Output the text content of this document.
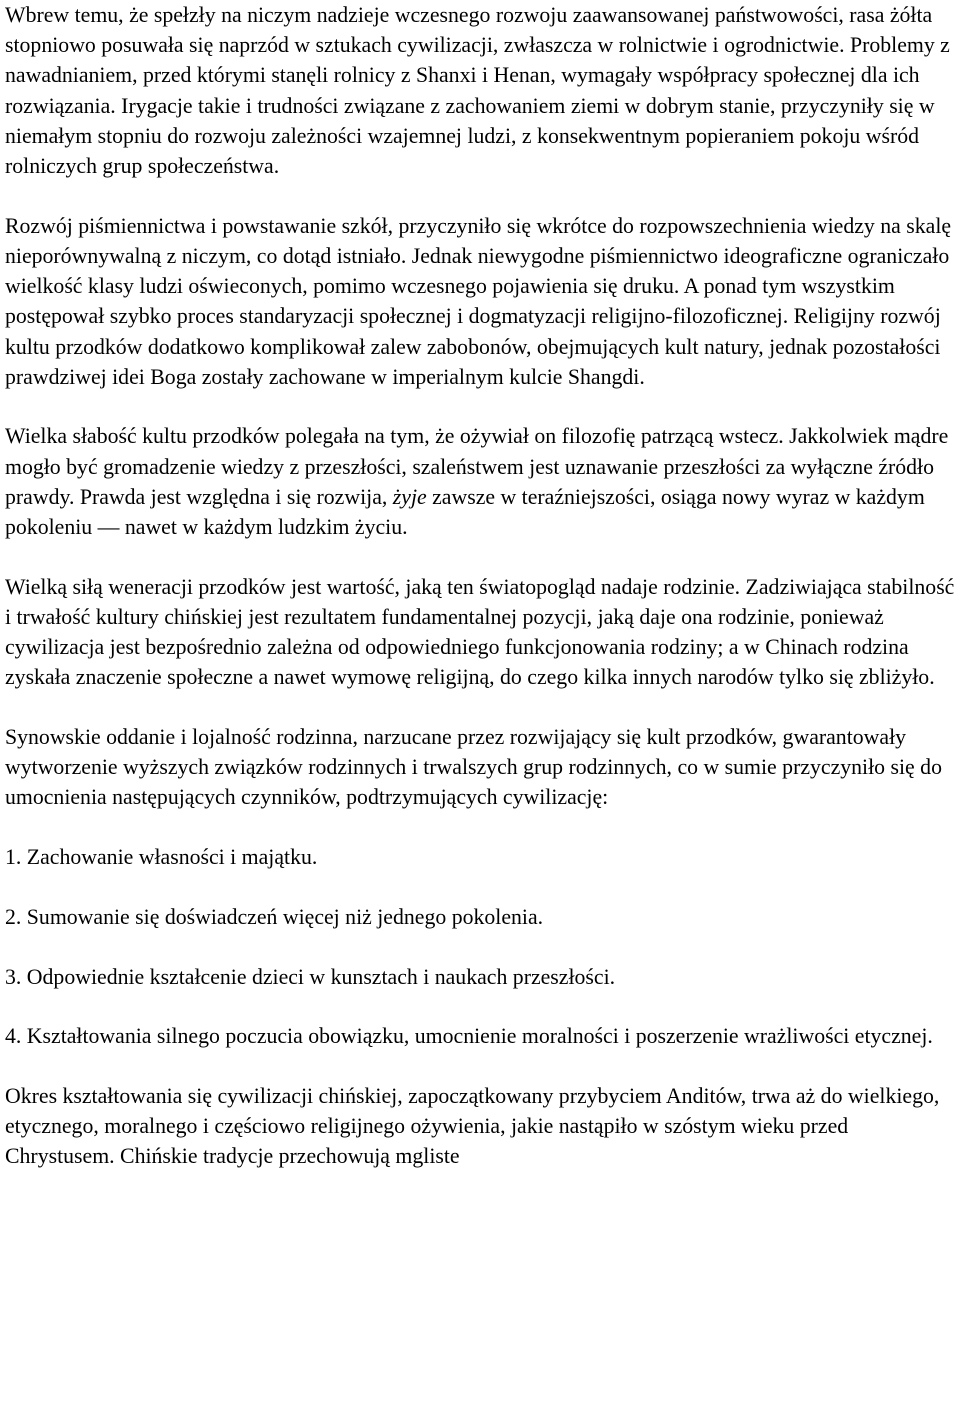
Wbrew temu, że spełzły na niczym nadzieje wczesnego rozwoju zaawansowanej państwowości, rasa żółta stopniowo posuwała się naprzód w sztukach cywilizacji, zwłaszcza w rolnictwie i ogrodnictwie. Problemy z nawadnianiem, przed którymi stanęli rolnicy z Shanxi i Henan, wymagały współpracy społecznej dla ich rozwiązania. Irygacje takie i trudności związane z zachowaniem ziemi w dobrym stanie, przyczyniły się w niemałym stopniu do rozwoju zależności wzajemnej ludzi, z konsekwentnym popieraniem pokoju wśród rolniczych grup społeczeństwa.

Rozwój piśmiennictwa i powstawanie szkół, przyczyniło się wkrótce do rozpowszechnienia wiedzy na skalę nieporównywalną z niczym, co dotąd istniało. Jednak niewygodne piśmiennictwo ideograficzne ograniczało wielkość klasy ludzi oświeconych, pomimo wczesnego pojawienia się druku. A ponad tym wszystkim postępował szybko proces standaryzacji społecznej i dogmatyzacji religijno-filozoficznej. Religijny rozwój kultu przodków dodatkowo komplikował zalew zabobonów, obejmujących kult natury, jednak pozostałości prawdziwej idei Boga zostały zachowane w imperialnym kulcie Shangdi.

Wielka słabość kultu przodków polegała na tym, że ożywiał on filozofię patrzącą wstecz. Jakkolwiek mądre mogło być gromadzenie wiedzy z przeszłości, szaleństwem jest uznawanie przeszłości za wyłączne źródło prawdy. Prawda jest względna i się rozwija, żyje zawsze w teraźniejszości, osiąga nowy wyraz w każdym pokoleniu — nawet w każdym ludzkim życiu.

Wielką siłą weneracji przodków jest wartość, jaką ten światopogląd nadaje rodzinie. Zadziwiająca stabilność i trwałość kultury chińskiej jest rezultatem fundamentalnej pozycji, jaką daje ona rodzinie, ponieważ cywilizacja jest bezpośrednio zależna od odpowiedniego funkcjonowania rodziny; a w Chinach rodzina zyskała znaczenie społeczne a nawet wymowę religijną, do czego kilka innych narodów tylko się zbliżyło.

Synowskie oddanie i lojalność rodzinna, narzucane przez rozwijający się kult przodków, gwarantowały wytworzenie wyższych związków rodzinnych i trwalszych grup rodzinnych, co w sumie przyczyniło się do umocnienia następujących czynników, podtrzymujących cywilizację:

1. Zachowanie własności i majątku.

2. Sumowanie się doświadczeń więcej niż jednego pokolenia.

3. Odpowiednie kształcenie dzieci w kunsztach i naukach przeszłości.

4. Kształtowania silnego poczucia obowiązku, umocnienie moralności i poszerzenie wrażliwości etycznej.

Okres kształtowania się cywilizacji chińskiej, zapoczątkowany przybyciem Anditów, trwa aż do wielkiego, etycznego, moralnego i częściowo religijnego ożywienia, jakie nastąpiło w szóstym wieku przed Chrystusem. Chińskie tradycje przechowują mgliste
